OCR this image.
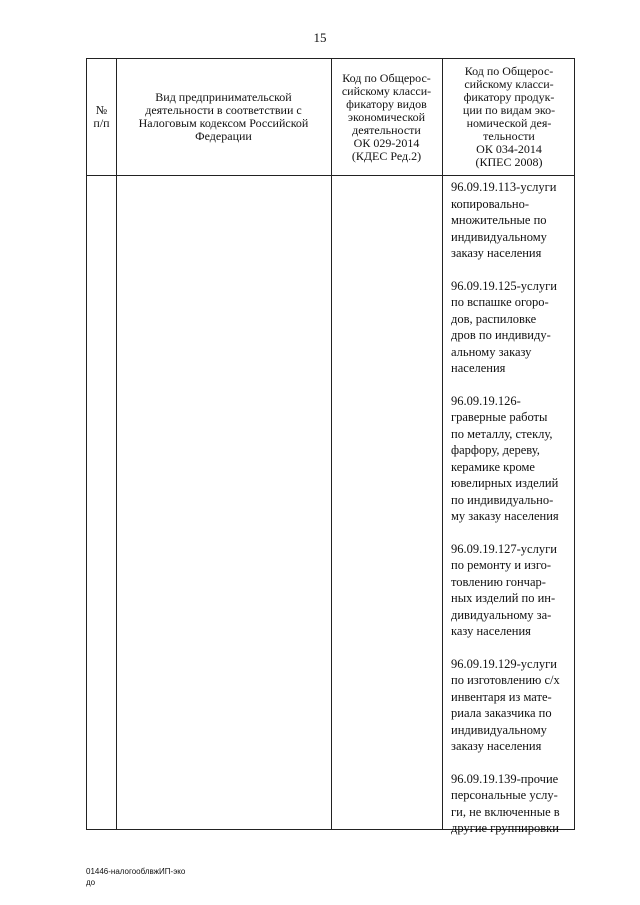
15
№
п/п
Вид предпринимательской
деятельности в соответствии с
Налоговым кодексом Российской
Федерации
Код по Общерос-
сийскому класси-
фикатору видов
экономической
деятельности
ОК 029-2014
(КДЕС Ред.2)
Код по Общерос-
сийскому класси-
фикатору продук-
ции по видам эко-
номической дея-
тельности
ОК 034-2014
(КПЕС 2008)
96.09.19.113-услуги
копировально-
множительные по
индивидуальному
заказу населения
96.09.19.125-услуги
по вспашке огоро-
дов, распиловке
дров по индивиду-
альному заказу
населения
96.09.19.126-
граверные работы
по металлу, стеклу,
фарфору, дереву,
керамике кроме
ювелирных изделий
по индивидуально-
му заказу населения
96.09.19.127-услуги
по ремонту и изго-
товлению гончар-
ных изделий по ин-
дивидуальному за-
казу населения
96.09.19.129-услуги
по изготовлению с/х
инвентаря из мате-
риала заказчика по
индивидуальному
заказу населения
96.09.19.139-прочие
персональные услу-
ги, не включенные в
другие группировки
01446-налогооблвжИП-эко
до
